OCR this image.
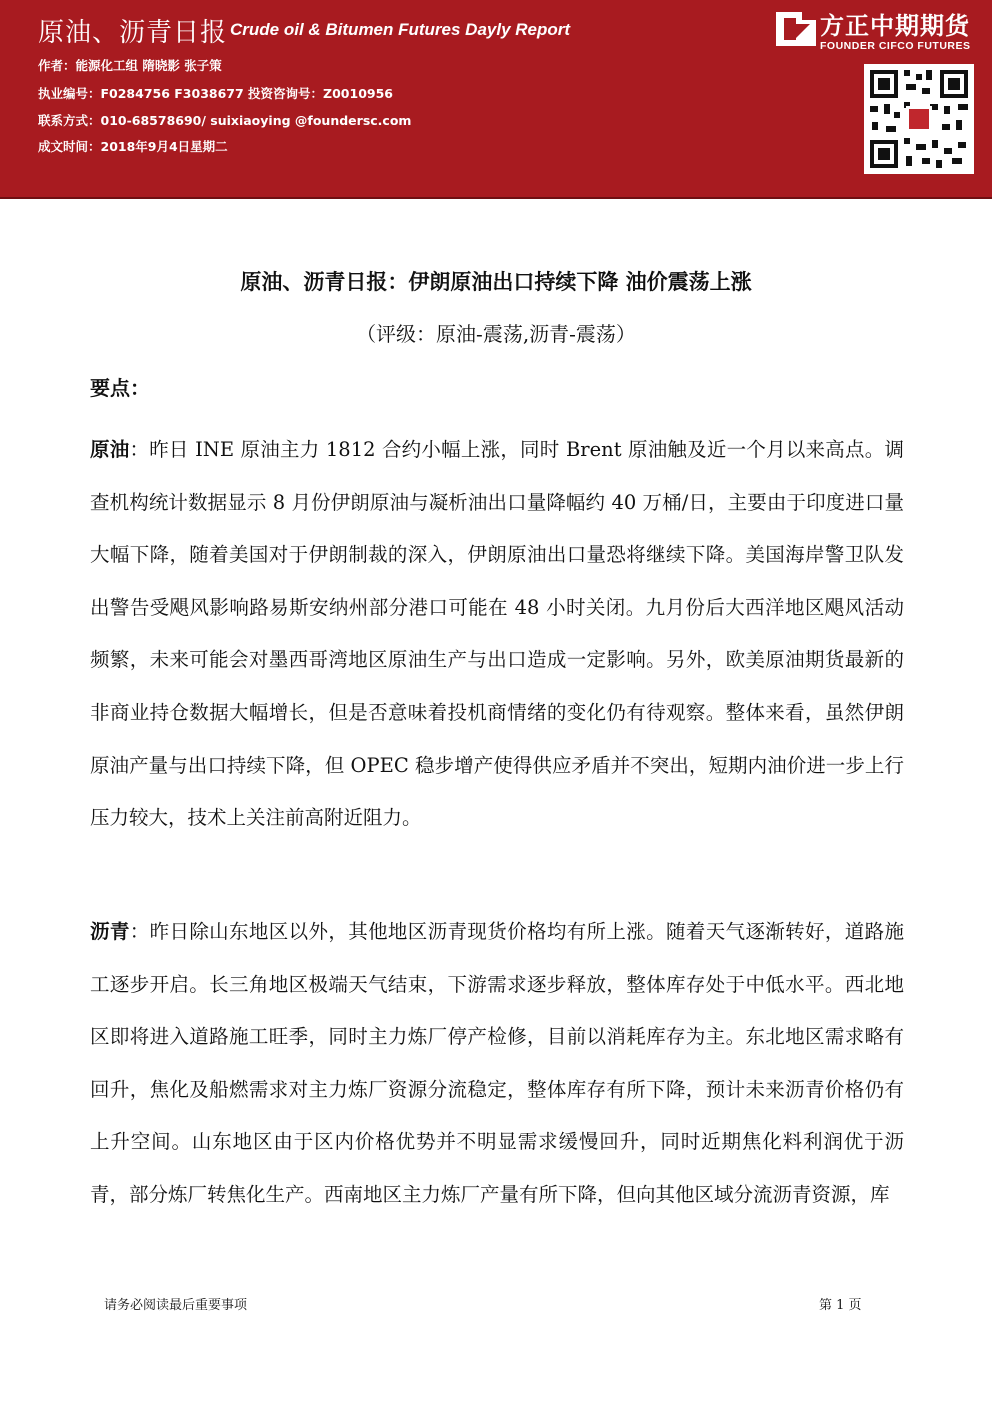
原油、沥青日报 Crude oil & Bitumen Futures Dayly Report
作者：能源化工组 隋晓影 张子策
执业编号：F0284756 F3038677 投资咨询号：Z0010956
联系方式：010-68578690/ suixiaoying @foundersc.com
成文时间：2018年9月4日星期二
方正中期期货
FOUNDER CIFCO FUTURES
原油、沥青日报：伊朗原油出口持续下降 油价震荡上涨
（评级：原油-震荡,沥青-震荡）
要点：

原油：昨日 INE 原油主力 1812 合约小幅上涨，同时 Brent 原油触及近一个月以来高点。调查机构统计数据显示 8 月份伊朗原油与凝析油出口量降幅约 40 万桶/日，主要由于印度进口量大幅下降，随着美国对于伊朗制裁的深入，伊朗原油出口量恐将继续下降。美国海岸警卫队发出警告受飓风影响路易斯安纳州部分港口可能在 48 小时关闭。九月份后大西洋地区飓风活动频繁，未来可能会对墨西哥湾地区原油生产与出口造成一定影响。另外，欧美原油期货最新的非商业持仓数据大幅增长，但是否意味着投机商情绪的变化仍有待观察。整体来看，虽然伊朗原油产量与出口持续下降，但 OPEC 稳步增产使得供应矛盾并不突出，短期内油价进一步上行压力较大，技术上关注前高附近阻力。

沥青：昨日除山东地区以外，其他地区沥青现货价格均有所上涨。随着天气逐渐转好，道路施工逐步开启。长三角地区极端天气结束，下游需求逐步释放，整体库存处于中低水平。西北地区即将进入道路施工旺季，同时主力炼厂停产检修，目前以消耗库存为主。东北地区需求略有回升，焦化及船燃需求对主力炼厂资源分流稳定，整体库存有所下降，预计未来沥青价格仍有上升空间。山东地区由于区内价格优势并不明显需求缓慢回升，同时近期焦化料利润优于沥青，部分炼厂转焦化生产。西南地区主力炼厂产量有所下降，但向其他区域分流沥青资源，库

请务必阅读最后重要事项	第 1 页
